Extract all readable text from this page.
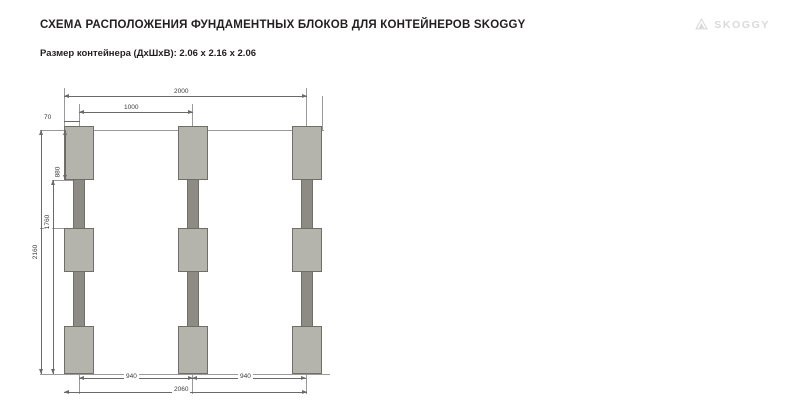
СХЕМА РАСПОЛОЖЕНИЯ ФУНДАМЕНТНЫХ БЛОКОВ ДЛЯ КОНТЕЙНЕРОВ SKOGGY
Размер контейнера (ДхШхВ): 2.06 x 2.16 x 2.06
SKOGGY
2000
1000
70
2160
1760
880
940	940
2060
